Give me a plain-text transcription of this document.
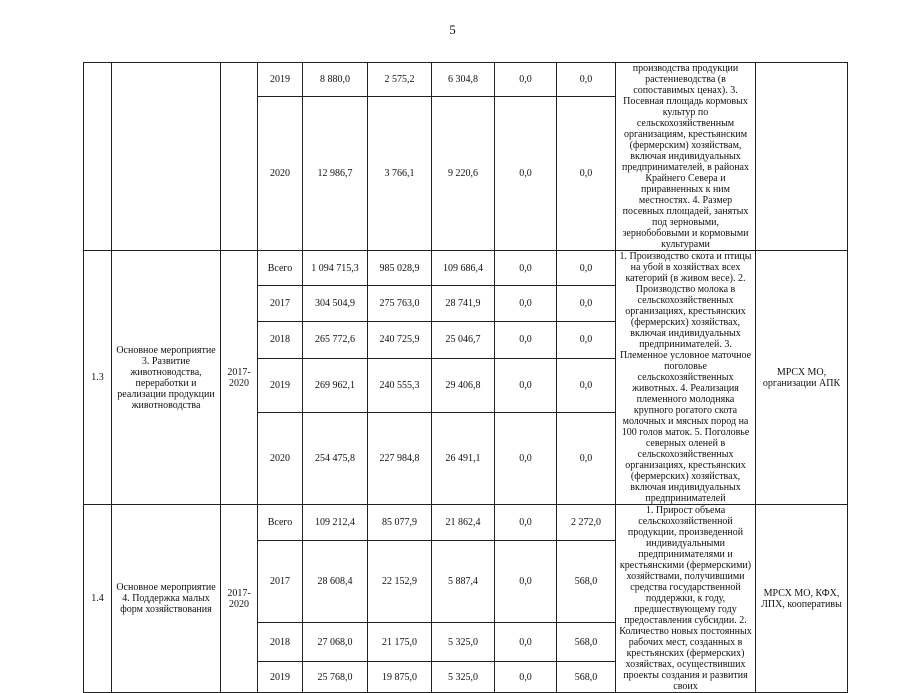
5
			2019	8 880,0	2 575,2	6 304,8	0,0	0,0	производства продукции растениеводства (в сопоставимых ценах). 3. Посевная площадь кормовых культур по сельскохозяйственным организациям, крестьянским (фермерским) хозяйствам, включая индивидуальных предпринимателей, в районах Крайнего Севера и приравненных к ним местностях. 4. Размер посевных площадей, занятых под зерновыми, зернобобовыми и кормовыми культурами	
			2020	12 986,7	3 766,1	9 220,6	0,0	0,0		
1.3	Основное мероприятие 3. Развитие животноводства, переработки и реализации продукции животноводства	2017-2020	Всего	1 094 715,3	985 028,9	109 686,4	0,0	0,0	1. Производство скота и птицы на убой в хозяйствах всех категорий (в живом весе). 2. Производство молока в сельскохозяйственных организациях, крестьянских (фермерских) хозяйствах, включая индивидуальных предпринимателей. 3. Племенное условное маточное поголовье сельскохозяйственных животных. 4. Реализация племенного молодняка крупного рогатого скота молочных и мясных пород на 100 голов маток. 5. Поголовье северных оленей в сельскохозяйственных организациях, крестьянских (фермерских) хозяйствах, включая индивидуальных предпринимателей	МРСХ МО, организации АПК
			2017	304 504,9	275 763,0	28 741,9	0,0	0,0		
			2018	265 772,6	240 725,9	25 046,7	0,0	0,0		
			2019	269 962,1	240 555,3	29 406,8	0,0	0,0		
			2020	254 475,8	227 984,8	26 491,1	0,0	0,0		
1.4	Основное мероприятие 4. Поддержка малых форм хозяйствования	2017-2020	Всего	109 212,4	85 077,9	21 862,4	0,0	2 272,0	1. Прирост объема сельскохозяйственной продукции, произведенной индивидуальными предпринимателями и крестьянскими (фермерскими) хозяйствами, получившими средства государственной поддержки, к году, предшествующему году предоставления субсидии. 2. Количество новых постоянных рабочих мест, созданных в крестьянских (фермерских) хозяйствах, осуществивших проекты создания и развития своих	МРСХ МО, КФХ, ЛПХ, кооперативы
			2017	28 608,4	22 152,9	5 887,4	0,0	568,0		
			2018	27 068,0	21 175,0	5 325,0	0,0	568,0		
			2019	25 768,0	19 875,0	5 325,0	0,0	568,0		
